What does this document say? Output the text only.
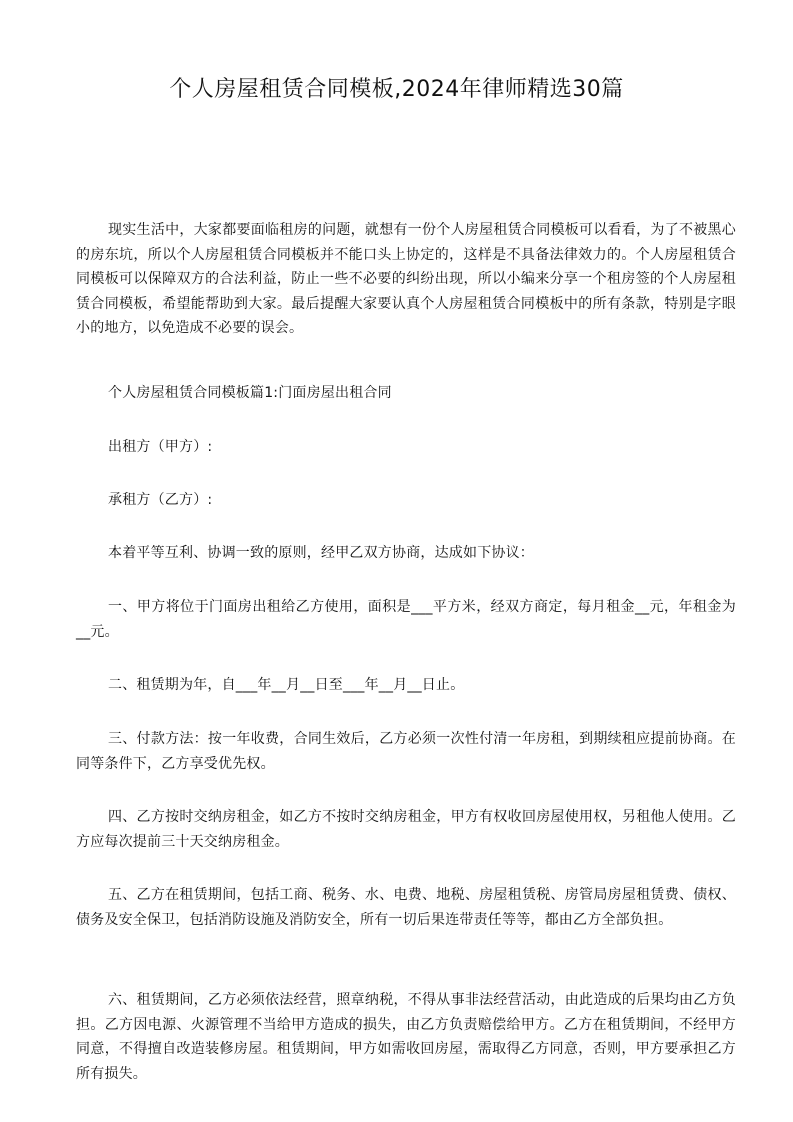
个人房屋租赁合同模板,2024年律师精选30篇
现实生活中，大家都要面临租房的问题，就想有一份个人房屋租赁合同模板可以看看，为了不被黑心的房东坑，所以个人房屋租赁合同模板并不能口头上协定的，这样是不具备法律效力的。个人房屋租赁合同模板可以保障双方的合法利益，防止一些不必要的纠纷出现，所以小编来分享一个租房签的个人房屋租赁合同模板，希望能帮助到大家。最后提醒大家要认真个人房屋租赁合同模板中的所有条款，特别是字眼小的地方，以免造成不必要的误会。
个人房屋租赁合同模板篇1:门面房屋出租合同
出租方（甲方）:
承租方（乙方）:
本着平等互利、协调一致的原则，经甲乙双方协商，达成如下协议：
一、甲方将位于门面房出租给乙方使用，面积是___平方米，经双方商定，每月租金__元，年租金为__元。
二、租赁期为年，自___年__月__日至___年__月__日止。
三、付款方法：按一年收费，合同生效后，乙方必须一次性付清一年房租，到期续租应提前协商。在同等条件下，乙方享受优先权。
四、乙方按时交纳房租金，如乙方不按时交纳房租金，甲方有权收回房屋使用权，另租他人使用。乙方应每次提前三十天交纳房租金。
五、乙方在租赁期间，包括工商、税务、水、电费、地税、房屋租赁税、房管局房屋租赁费、债权、债务及安全保卫，包括消防设施及消防安全，所有一切后果连带责任等等，都由乙方全部负担。
六、租赁期间，乙方必须依法经营，照章纳税，不得从事非法经营活动，由此造成的后果均由乙方负担。乙方因电源、火源管理不当给甲方造成的损失，由乙方负责赔偿给甲方。乙方在租赁期间，不经甲方同意，不得擅自改造装修房屋。租赁期间，甲方如需收回房屋，需取得乙方同意，否则，甲方要承担乙方所有损失。
